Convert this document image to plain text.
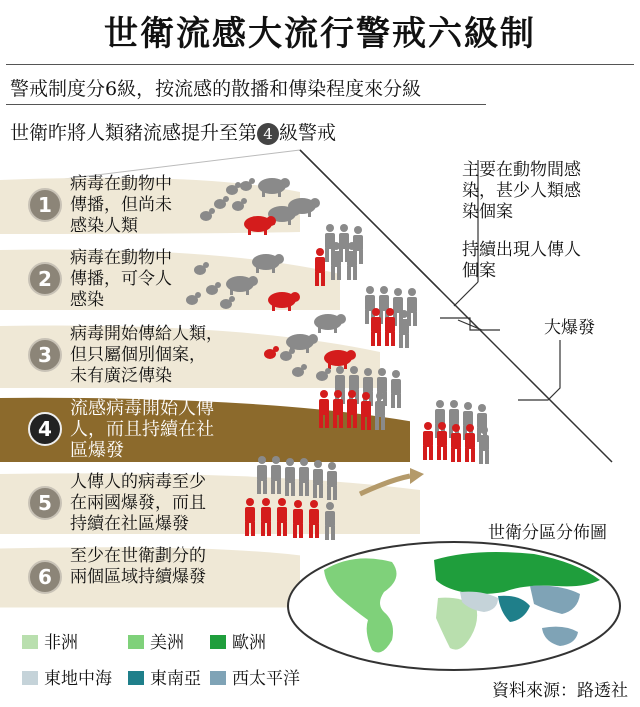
世衛流感大流行警戒六級制
警戒制度分6級，按流感的散播和傳染程度來分級
世衛昨將人類豬流感提升至第 4 級警戒
1
病毒在動物中
傳播，但尚未
感染人類
2
病毒在動物中
傳播，可令人
感染
3
病毒開始傳給人類，
但只屬個別個案，
未有廣泛傳染
4
流感病毒開始人傳
人，而且持續在社
區爆發
5
人傳人的病毒至少
在兩國爆發，而且
持續在社區爆發
6
至少在世衛劃分的
兩個區域持續爆發
主要在動物間感
染，甚少人類感
染個案
持續出現人傳人
個案
大爆發
世衛分區分佈圖
非洲	美洲	歐洲
東地中海	東南亞	西太平洋
資料來源：路透社
